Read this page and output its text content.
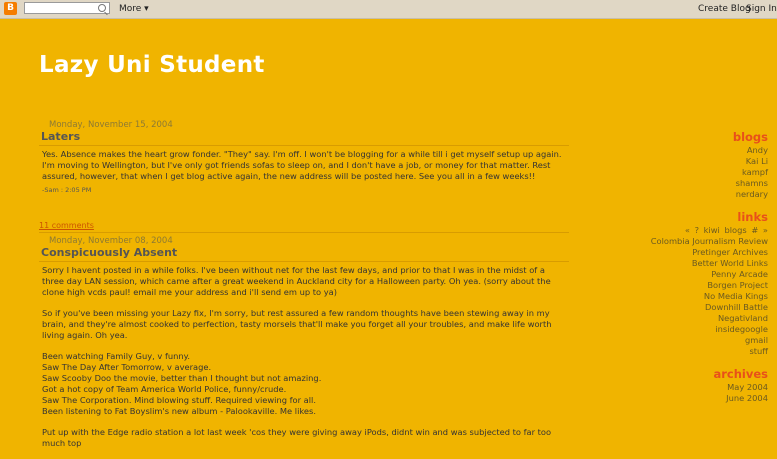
B	More ▾	Create Blog
Sign In
Lazy Uni Student
Monday, November 15, 2004
Laters

Yes. Absence makes the heart grow fonder. "They" say. I'm off. I won't be blogging for a while till i get myself setup up again. I'm moving to Wellington, but I've only got friends sofas to sleep on, and I don't have a job, or money for that matter. Rest assured, however, that when I get blog active again, the new address will be posted here. See you all in a few weeks!!

-Sam : 2:05 PM
11 comments
Monday, November 08, 2004
Conspicuously Absent

Sorry I havent posted in a while folks. I've been without net for the last few days, and prior to that I was in the midst of a three day LAN session, which came after a great weekend in Auckland city for a Halloween party. Oh yea. (sorry about the clone high vcds paul! email me your address and i'll send em up to ya)

So if you've been missing your Lazy fix, I'm sorry, but rest assured a few random thoughts have been stewing away in my brain, and they're almost cooked to perfection, tasty morsels that'll make you forget all your troubles, and make life worth living again. Oh yea.

Been watching Family Guy, v funny.
Saw The Day After Tomorrow, v average.
Saw Scooby Doo the movie, better than I thought but not amazing.
Got a hot copy of Team America World Police, funny/crude.
Saw The Corporation. Mind blowing stuff. Required viewing for all.
Been listening to Fat Boyslim's new album - Palookaville. Me likes.

Put up with the Edge radio station a lot last week 'cos they were giving away iPods, didnt win and was subjected to far too much top

blogs
Andy
Kai Li
kampf
shamns
nerdary
links
« ? kiwi blogs # »
Colombia Journalism Review
Pretinger Archives
Better World Links
Penny Arcade
Borgen Project
No Media Kings
Downhill Battle
Negativland
insidegoogle
gmail
stuff
archives
May 2004
June 2004
